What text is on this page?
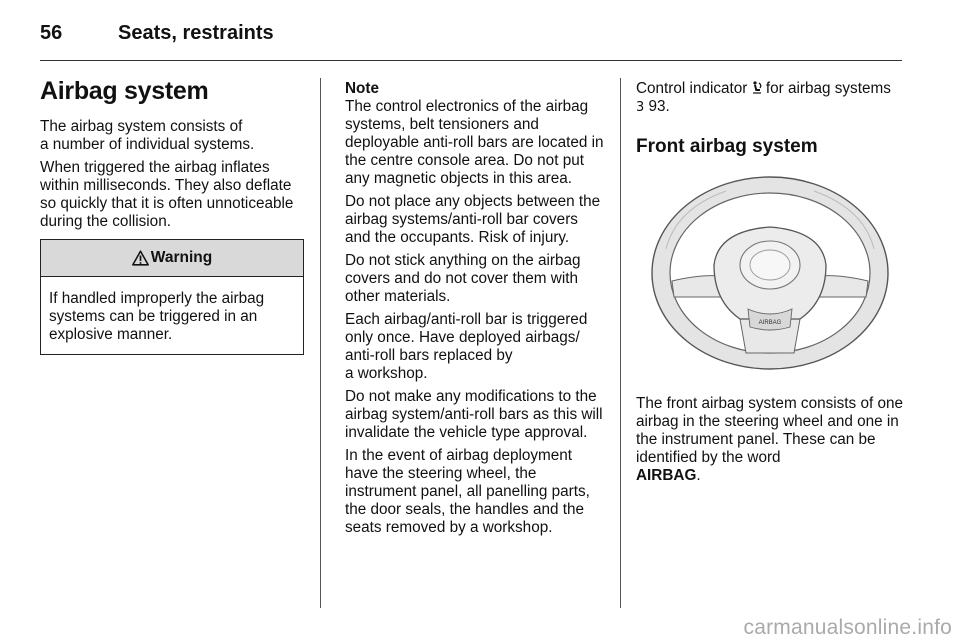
56	Seats, restraints
Airbag system

The airbag system consists of
a number of individual systems.

When triggered the airbag inflates within milliseconds. They also deflate so quickly that it is often unnoticeable during the collision.

Warning
If handled improperly the airbag systems can be triggered in an explosive manner.
Note

The control electronics of the airbag systems, belt tensioners and deployable anti-roll bars are located in the centre console area. Do not put any magnetic objects in this area.

Do not place any objects between the airbag systems/anti-roll bar covers and the occupants. Risk of injury.

Do not stick anything on the airbag covers and do not cover them with other materials.

Each airbag/anti-roll bar is triggered only once. Have deployed airbags/ anti-roll bars replaced by
a workshop.

Do not make any modifications to the airbag system/anti-roll bars as this will invalidate the vehicle type approval.

In the event of airbag deployment have the steering wheel, the instrument panel, all panelling parts, the door seals, the handles and the seats removed by a workshop.

Control indicator for airbag systems
3 93.

Front airbag system
AIRBAG

The front airbag system consists of one airbag in the steering wheel and one in the instrument panel. These can be identified by the word
AIRBAG.

carmanualsonline.info
